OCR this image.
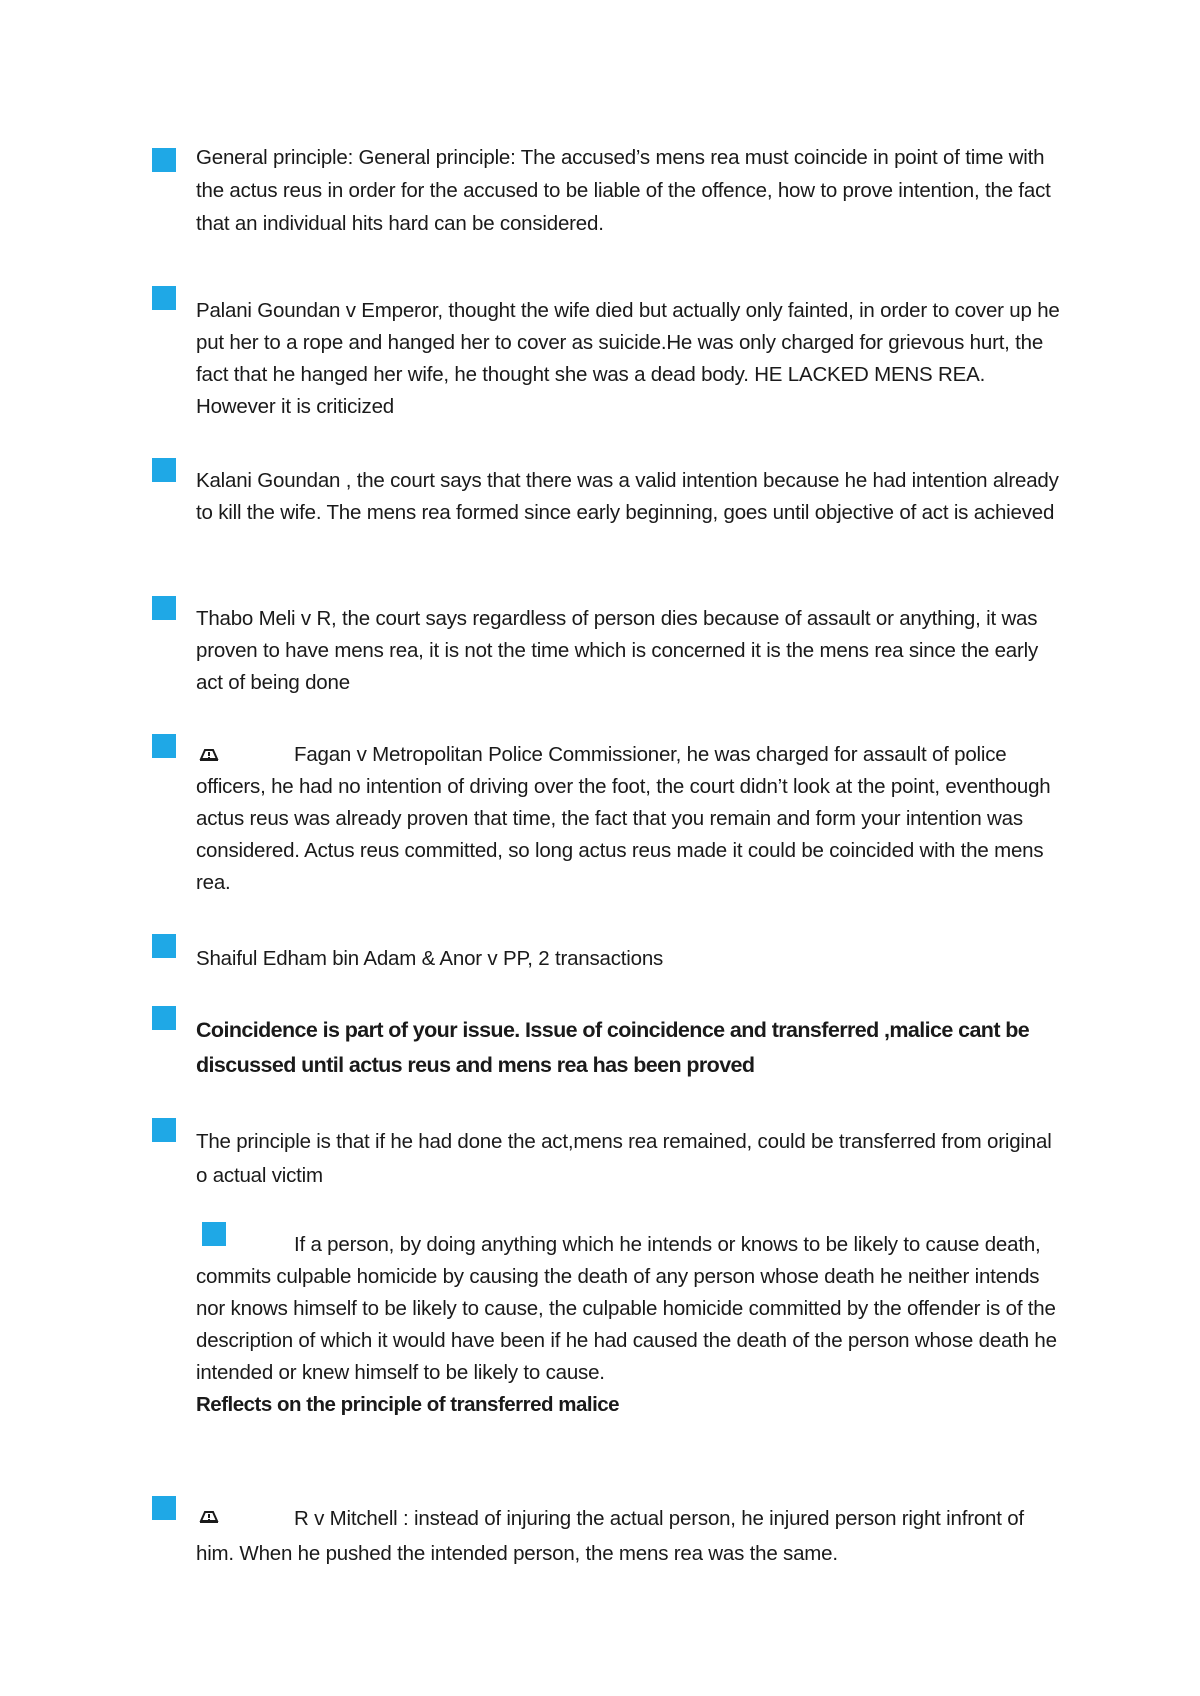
General principle: General principle: The accused’s mens rea must coincide in point of time with the actus reus in order for the accused to be liable of the offence, how to prove intention, the fact that an individual hits hard can be considered.

Palani Goundan v Emperor, thought the wife died but actually only fainted, in order to cover up he put her to a rope and hanged her to cover as suicide.He was only charged for grievous hurt, the fact that he hanged her wife, he thought she was a dead body. HE LACKED MENS REA. However it is criticized

Kalani Goundan , the court says that there was a valid intention because he had intention already to kill the wife. The mens rea formed since early beginning, goes until objective of act is achieved

Thabo Meli v R, the court says regardless of person dies because of assault or anything, it was proven to have mens rea, it is not the time which is concerned it is the mens rea since the early act of being done

Fagan v Metropolitan Police Commissioner, he was charged for assault of police officers, he had no intention of driving over the foot, the court didn’t look at the point, eventhough actus reus was already proven that time, the fact that you remain and form your intention was considered. Actus reus committed, so long actus reus made it could be coincided with the mens rea.

Shaiful Edham bin Adam & Anor v PP, 2 transactions

Coincidence is part of your issue. Issue of coincidence and transferred ,malice cant be discussed until actus reus and mens rea has been proved

The principle is that if he had done the act,mens rea remained, could be transferred from original o actual victim

If a person, by doing anything which he intends or knows to be likely to cause death, commits culpable homicide by causing the death of any person whose death he neither intends nor knows himself to be likely to cause, the culpable homicide committed by the offender is of the description of which it would have been if he had caused the death of the person whose death he intended or knew himself to be likely to cause.

Reflects on the principle of transferred malice

R v Mitchell : instead of injuring the actual person, he injured person right infront of him. When he pushed the intended person, the mens rea was the same.
